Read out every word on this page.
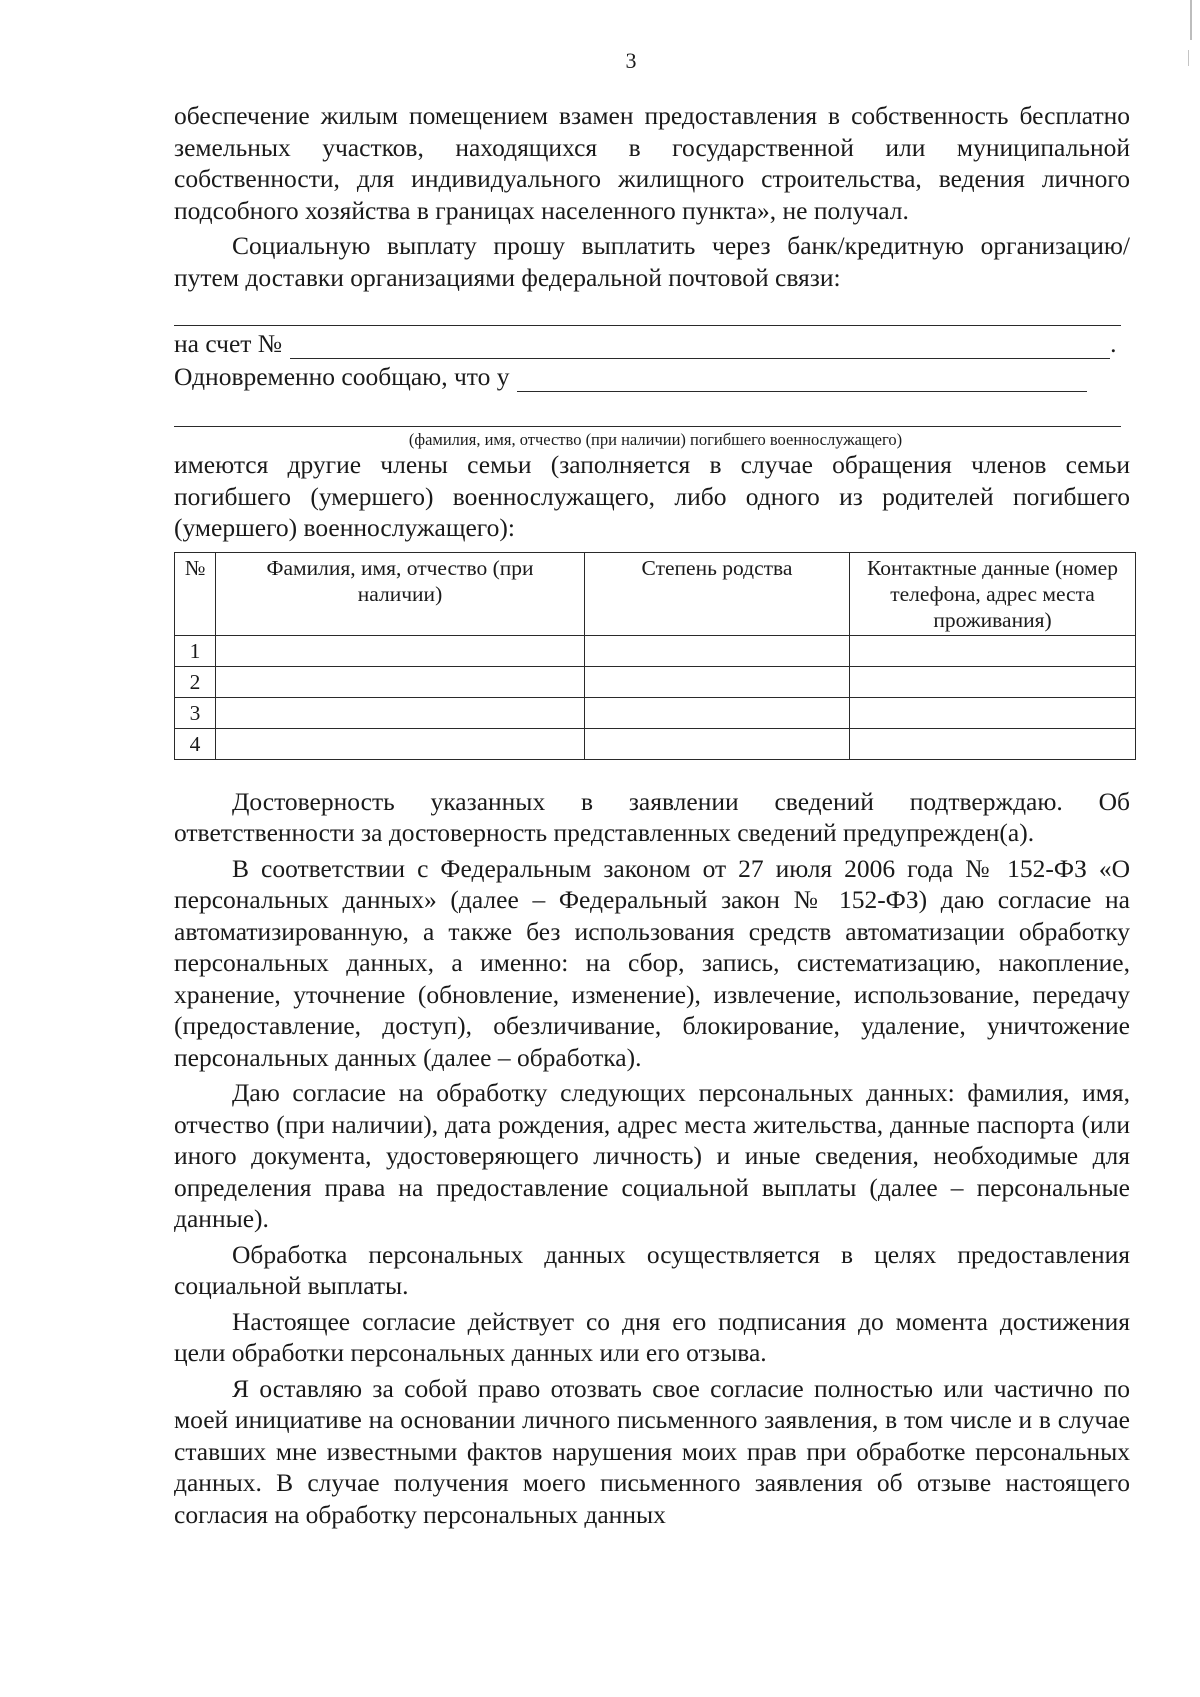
3

обеспечение жилым помещением взамен предоставления в собственность бесплатно земельных участков, находящихся в государственной или муниципальной собственности, для индивидуального жилищного строительства, ведения личного подсобного хозяйства в границах населенного пункта», не получал.

Социальную выплату прошу выплатить через банк/кредитную организацию/путем доставки организациями федеральной почтовой связи:

на счет №	.
Одновременно сообщаю, что у
(фамилия, имя, отчество (при наличии) погибшего военнослужащего)

имеются другие члены семьи (заполняется в случае обращения членов семьи погибшего (умершего) военнослужащего, либо одного из родителей погибшего (умершего) военнослужащего):

№	Фамилия, имя, отчество (при наличии)	Степень родства	Контактные данные (номер телефона, адрес места проживания)
1			
2			
3			
4			

Достоверность указанных в заявлении сведений подтверждаю. Об ответственности за достоверность представленных сведений предупрежден(а).

В соответствии с Федеральным законом от 27 июля 2006 года № 152-ФЗ «О персональных данных» (далее – Федеральный закон № 152-ФЗ) даю согласие на автоматизированную, а также без использования средств автоматизации обработку персональных данных, а именно: на сбор, запись, систематизацию, накопление, хранение, уточнение (обновление, изменение), извлечение, использование, передачу (предоставление, доступ), обезличивание, блокирование, удаление, уничтожение персональных данных (далее – обработка).

Даю согласие на обработку следующих персональных данных: фамилия, имя, отчество (при наличии), дата рождения, адрес места жительства, данные паспорта (или иного документа, удостоверяющего личность) и иные сведения, необходимые для определения права на предоставление социальной выплаты (далее – персональные данные).

Обработка персональных данных осуществляется в целях предоставления социальной выплаты.

Настоящее согласие действует со дня его подписания до момента достижения цели обработки персональных данных или его отзыва.

Я оставляю за собой право отозвать свое согласие полностью или частично по моей инициативе на основании личного письменного заявления, в том числе и в случае ставших мне известными фактов нарушения моих прав при обработке персональных данных. В случае получения моего письменного заявления об отзыве настоящего согласия на обработку персональных данных
